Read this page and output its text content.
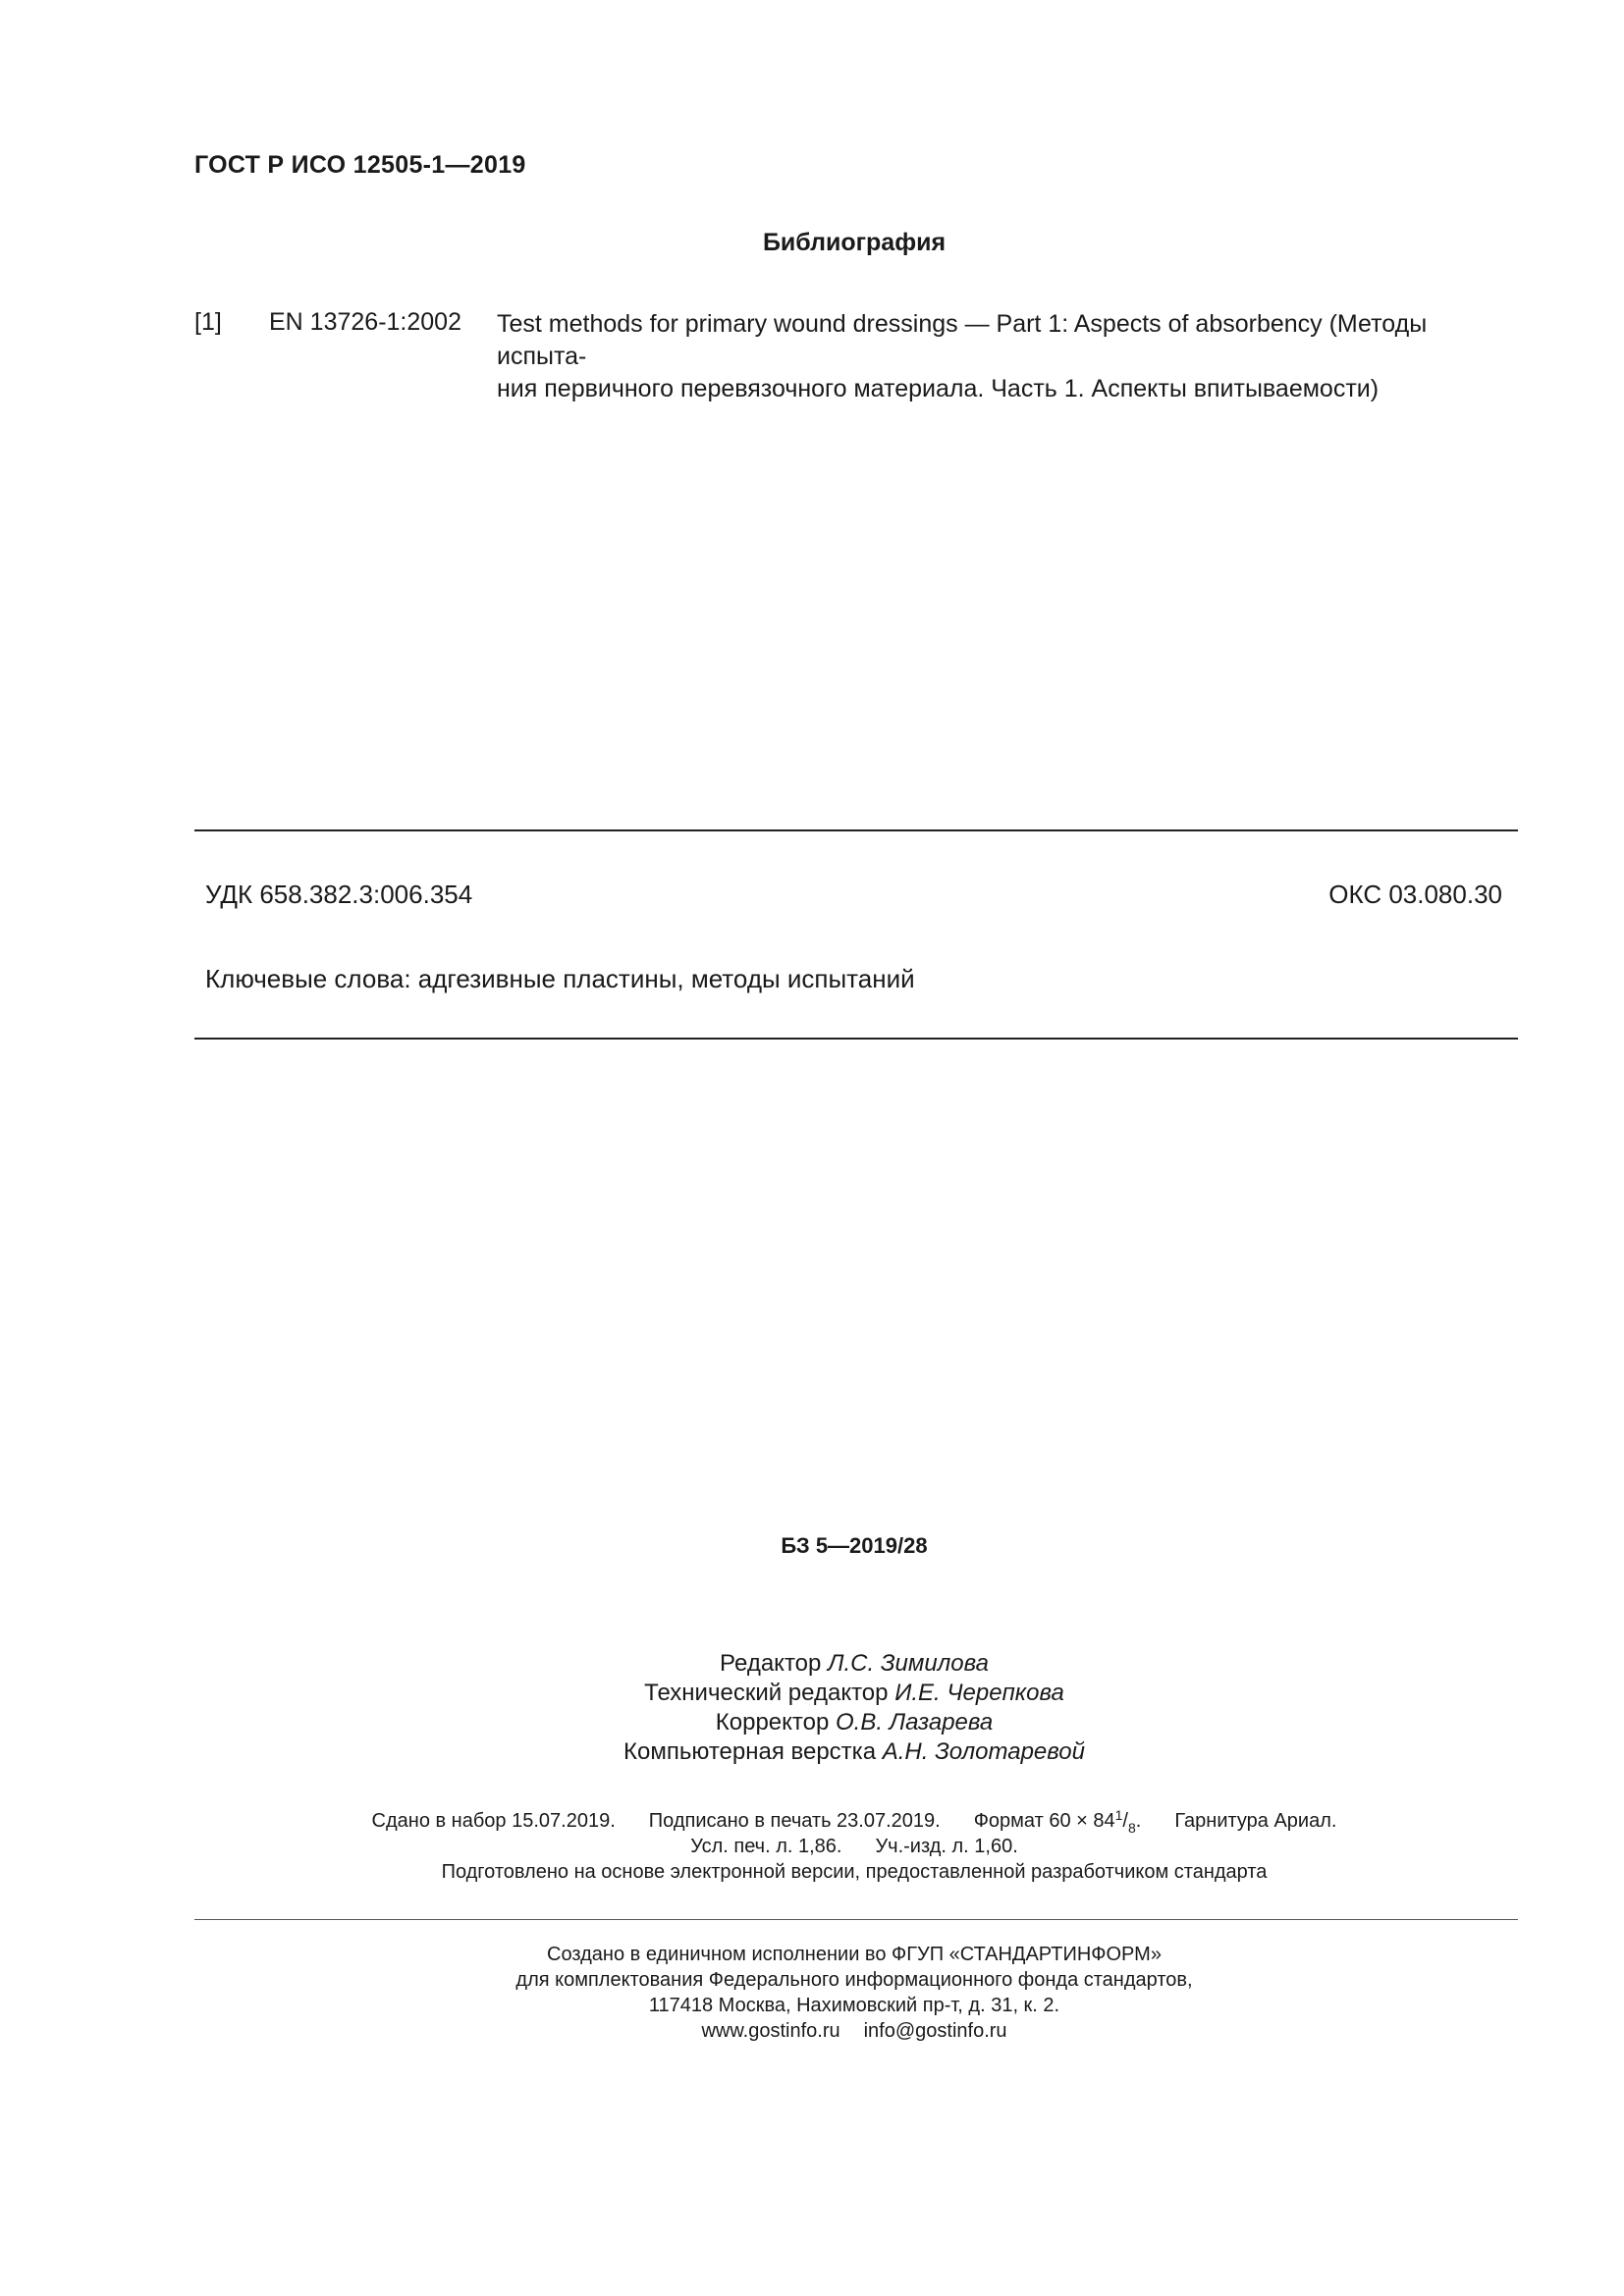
ГОСТ Р ИСО 12505-1—2019
Библиография
[1] EN 13726-1:2002 Test methods for primary wound dressings — Part 1: Aspects of absorbency (Методы испыта-
ния первичного перевязочного материала. Часть 1. Аспекты впитываемости)
УДК 658.382.3:006.354	ОКС 03.080.30
Ключевые слова: адгезивные пластины, методы испытаний
БЗ 5—2019/28
Редактор Л.С. Зимилова
Технический редактор И.Е. Черепкова
Корректор О.В. Лазарева
Компьютерная верстка А.Н. Золотаревой
Сдано в набор 15.07.2019. Подписано в печать 23.07.2019. Формат $60 \times 84^1/_8$. Гарнитура Ариал.
Усл. печ. л. 1,86. Уч.-изд. л. 1,60.
Подготовлено на основе электронной версии, предоставленной разработчиком стандарта
Создано в единичном исполнении во ФГУП «СТАНДАРТИНФОРМ»
для комплектования Федерального информационного фонда стандартов,
117418 Москва, Нахимовский пр-т, д. 31, к. 2.
www.gostinfo.ru info@gostinfo.ru
